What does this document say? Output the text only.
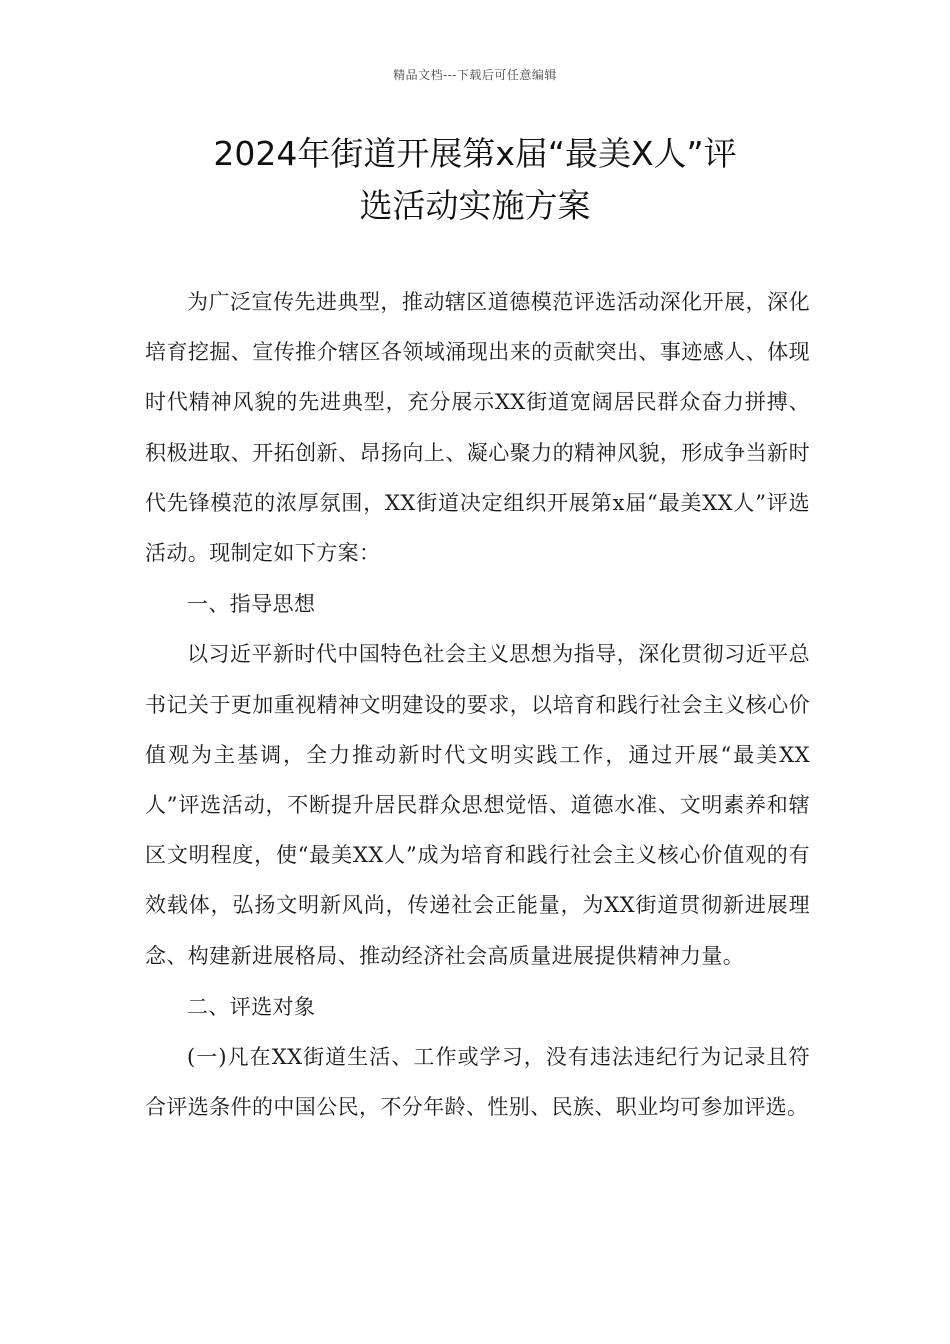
精品文档---下载后可任意编辑
2024年街道开展第x届“最美X人”评
选活动实施方案

为广泛宣传先进典型，推动辖区道德模范评选活动深化开展，深化培育挖掘、宣传推介辖区各领域涌现出来的贡献突出、事迹感人、体现时代精神风貌的先进典型，充分展示XX街道宽阔居民群众奋力拼搏、积极进取、开拓创新、昂扬向上、凝心聚力的精神风貌，形成争当新时代先锋模范的浓厚氛围，XX街道决定组织开展第x届“最美XX人”评选活动。现制定如下方案：

一、指导思想

以习近平新时代中国特色社会主义思想为指导，深化贯彻习近平总书记关于更加重视精神文明建设的要求，以培育和践行社会主义核心价值观为主基调，全力推动新时代文明实践工作，通过开展“最美XX人”评选活动，不断提升居民群众思想觉悟、道德水准、文明素养和辖区文明程度，使“最美XX人”成为培育和践行社会主义核心价值观的有效载体，弘扬文明新风尚，传递社会正能量，为XX街道贯彻新进展理念、构建新进展格局、推动经济社会高质量进展提供精神力量。

二、评选对象

(一)凡在XX街道生活、工作或学习，没有违法违纪行为记录且符合评选条件的中国公民，不分年龄、性别、民族、职业均可参加评选。
